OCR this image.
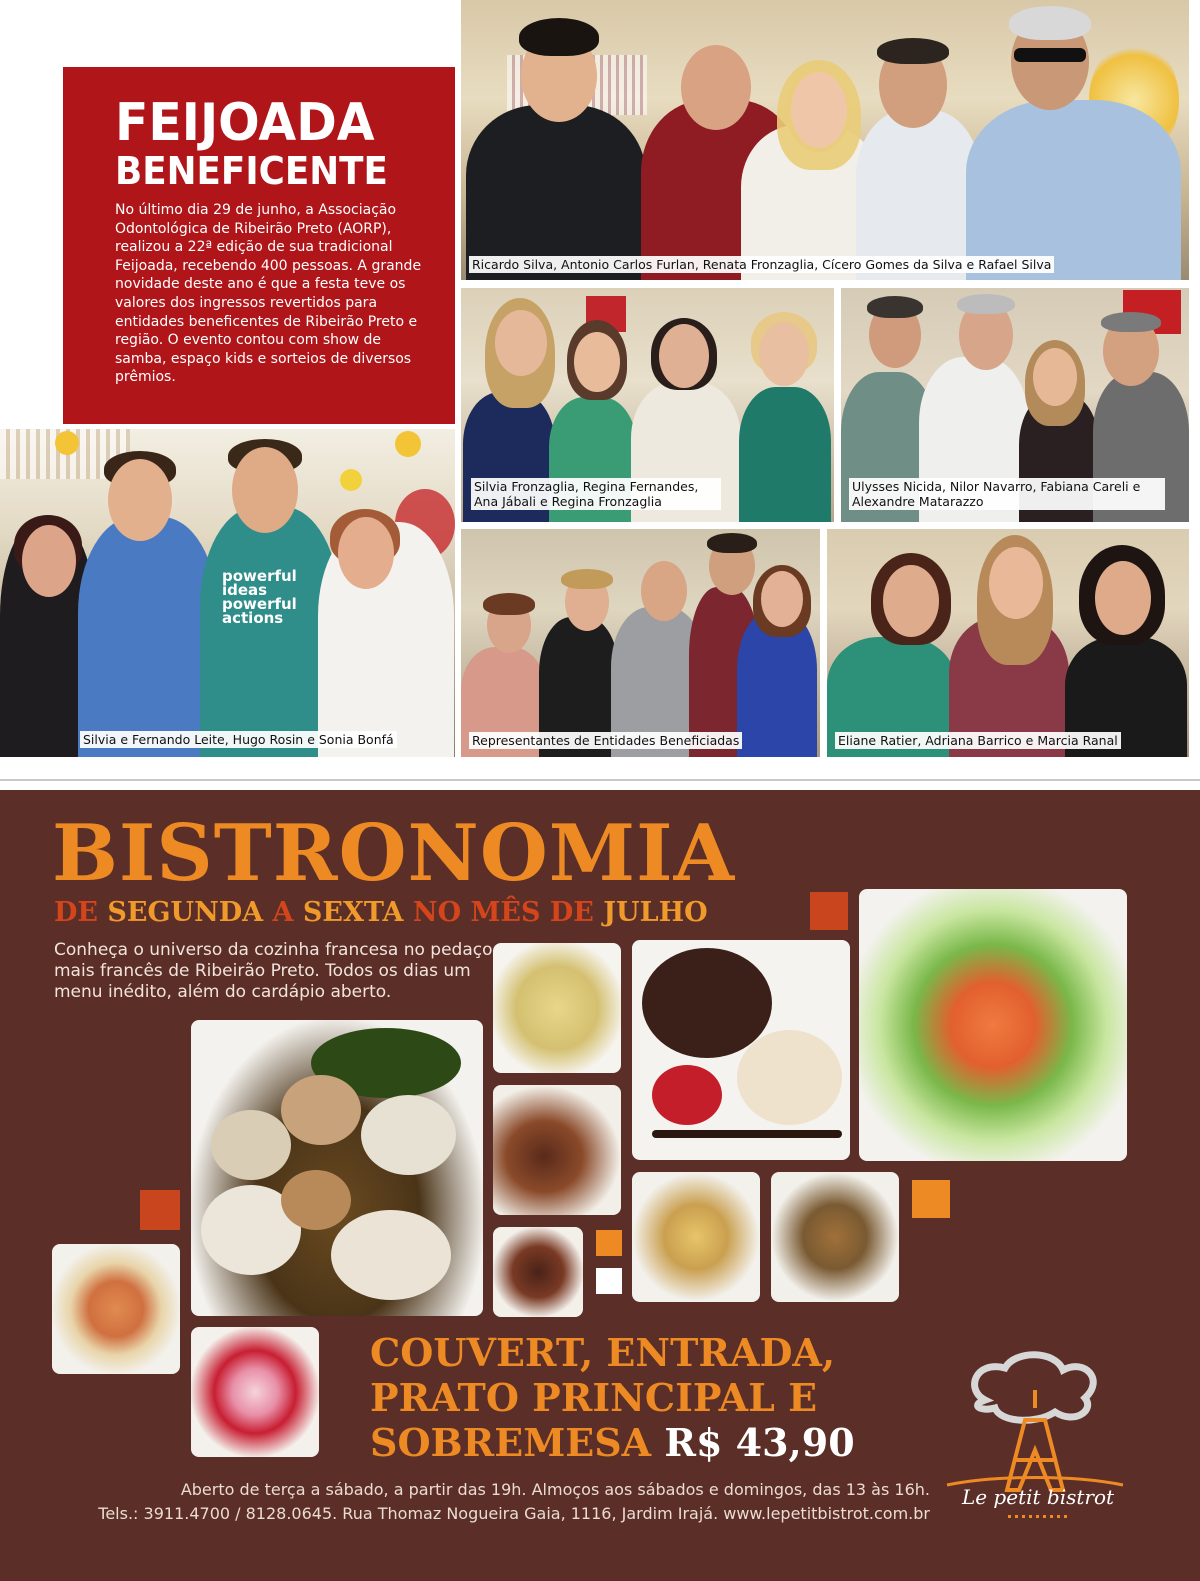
FEIJOADA
BENEFICENTE
No último dia 29 de junho, a Associação Odontológica de Ribeirão Preto (AORP), realizou a 22ª edição de sua tradicional Feijoada, recebendo 400 pessoas. A grande novidade deste ano é que a festa teve os valores dos ingressos revertidos para entidades beneficentes de Ribeirão Preto e região. O evento contou com show de samba, espaço kids e sorteios de diversos prêmios.
Ricardo Silva, Antonio Carlos Furlan, Renata Fronzaglia, Cícero Gomes da Silva e Rafael Silva
Silvia Fronzaglia, Regina Fernandes, Ana Jábali e Regina Fronzaglia
Ulysses Nicida, Nilor Navarro, Fabiana Careli e Alexandre Matarazzo
powerful ideas powerful actions
Silvia e Fernando Leite, Hugo Rosin e Sonia Bonfá	Representantes de Entidades Beneficiadas	Eliane Ratier, Adriana Barrico e Marcia Ranal
BISTRONOMIA
DE SEGUNDA A SEXTA NO MÊS DE JULHO
Conheça o universo da cozinha francesa no pedaço mais francês de Ribeirão Preto. Todos os dias um menu inédito, além do cardápio aberto.
COUVERT, ENTRADA,
PRATO PRINCIPAL E
SOBREMESA R$ 43,90
Aberto de terça a sábado, a partir das 19h. Almoços aos sábados e domingos, das 13 às 16h.
Tels.: 3911.4700 / 8128.0645. Rua Thomaz Nogueira Gaia, 1116, Jardim Irajá. www.lepetitbistrot.com.br
Le petit bistrot
